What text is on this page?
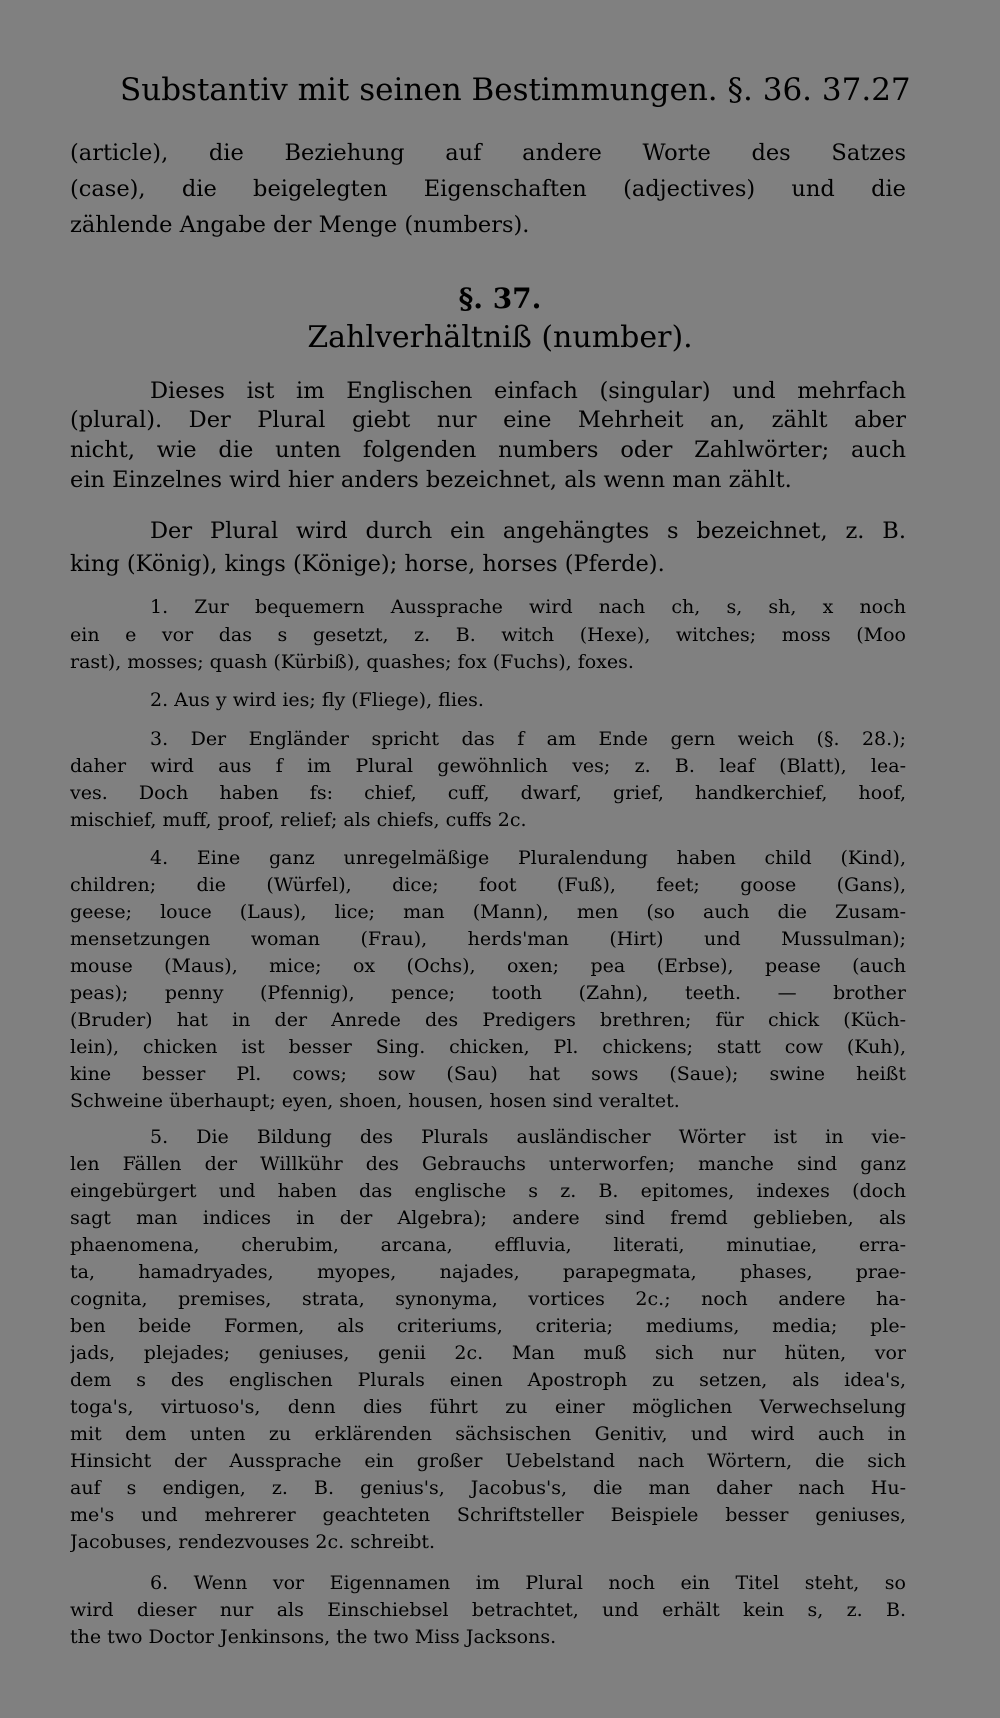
Substantiv mit seinen Bestimmungen. §. 36. 37. 27
(article), die Beziehung auf andere Worte des Satzes
(case), die beigelegten Eigenschaften (adjectives) und die
zählende Angabe der Menge (numbers).
§. 37.
Zahlverhältniß (number).
Dieses ist im Englischen einfach (singular) und mehrfach
(plural). Der Plural giebt nur eine Mehrheit an, zählt aber
nicht, wie die unten folgenden numbers oder Zahlwörter; auch
ein Einzelnes wird hier anders bezeichnet, als wenn man zählt.
Der Plural wird durch ein angehängtes s bezeichnet, z. B.
king (König), kings (Könige); horse, horses (Pferde).
1. Zur bequemern Aussprache wird nach ch, s, sh, x noch
ein e vor das s gesetzt, z. B. witch (Hexe), witches; moss (Moo
rast), mosses; quash (Kürbiß), quashes; fox (Fuchs), foxes.
2. Aus y wird ies; fly (Fliege), flies.
3. Der Engländer spricht das f am Ende gern weich (§. 28.);
daher wird aus f im Plural gewöhnlich ves; z. B. leaf (Blatt), lea-
ves. Doch haben fs: chief, cuff, dwarf, grief, handkerchief, hoof,
mischief, muff, proof, relief; als chiefs, cuffs 2c.
4. Eine ganz unregelmäßige Pluralendung haben child (Kind),
children; die (Würfel), dice; foot (Fuß), feet; goose (Gans),
geese; louce (Laus), lice; man (Mann), men (so auch die Zusam-
mensetzungen woman (Frau), herds'man (Hirt) und Mussulman);
mouse (Maus), mice; ox (Ochs), oxen; pea (Erbse), pease (auch
peas); penny (Pfennig), pence; tooth (Zahn), teeth. — brother
(Bruder) hat in der Anrede des Predigers brethren; für chick (Küch-
lein), chicken ist besser Sing. chicken, Pl. chickens; statt cow (Kuh),
kine besser Pl. cows; sow (Sau) hat sows (Saue); swine heißt
Schweine überhaupt; eyen, shoen, housen, hosen sind veraltet.
5. Die Bildung des Plurals ausländischer Wörter ist in vie-
len Fällen der Willkühr des Gebrauchs unterworfen; manche sind ganz
eingebürgert und haben das englische s z. B. epitomes, indexes (doch
sagt man indices in der Algebra); andere sind fremd geblieben, als
phaenomena, cherubim, arcana, effluvia, literati, minutiae, erra-
ta, hamadryades, myopes, najades, parapegmata, phases, prae-
cognita, premises, strata, synonyma, vortices 2c.; noch andere ha-
ben beide Formen, als criteriums, criteria; mediums, media; ple-
jads, plejades; geniuses, genii 2c. Man muß sich nur hüten, vor
dem s des englischen Plurals einen Apostroph zu setzen, als idea's,
toga's, virtuoso's, denn dies führt zu einer möglichen Verwechselung
mit dem unten zu erklärenden sächsischen Genitiv, und wird auch in
Hinsicht der Aussprache ein großer Uebelstand nach Wörtern, die sich
auf s endigen, z. B. genius's, Jacobus's, die man daher nach Hu-
me's und mehrerer geachteten Schriftsteller Beispiele besser geniuses,
Jacobuses, rendezvouses 2c. schreibt.
6. Wenn vor Eigennamen im Plural noch ein Titel steht, so
wird dieser nur als Einschiebsel betrachtet, und erhält kein s, z. B.
the two Doctor Jenkinsons, the two Miss Jacksons.
